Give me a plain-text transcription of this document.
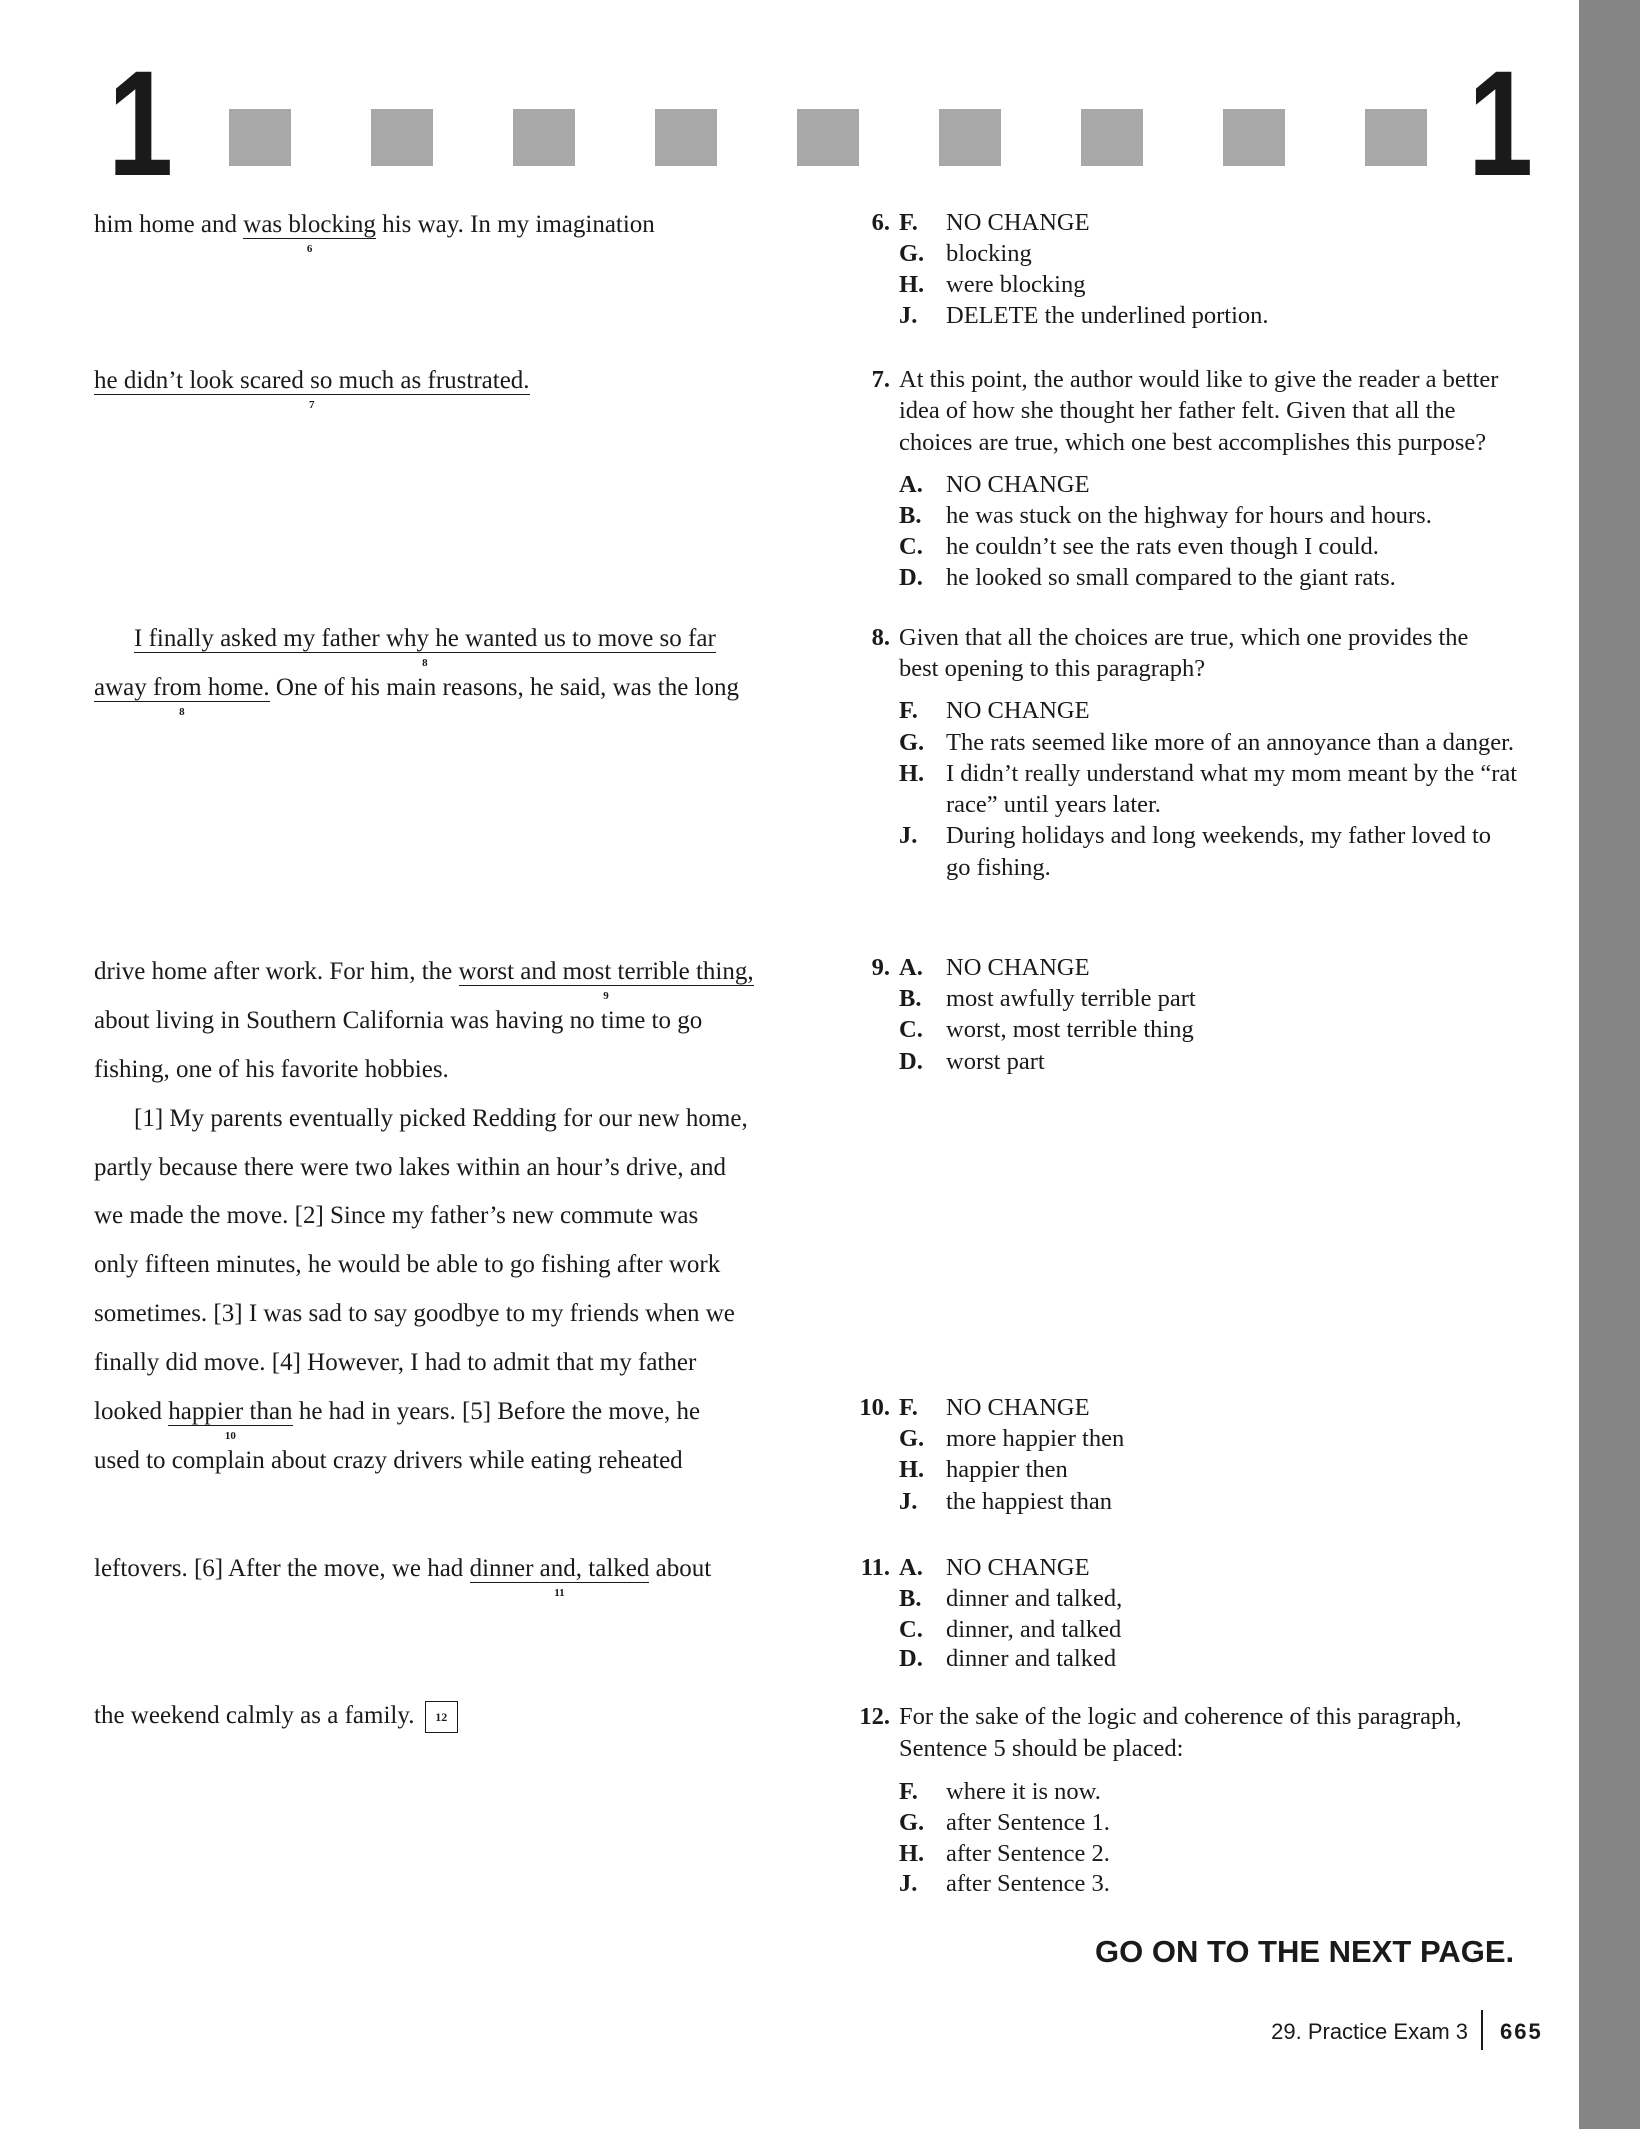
1	1
him home and was blocking
6
his way. In my imagination
he didn’t look scared so much as frustrated.
7
I finally asked my father why he wanted us to move so far
8
away from home.
8
One of his main reasons, he said, was the long
drive home after work. For him, the worst and most terrible thing,
9
about living in Southern California was having no time to go
fishing, one of his favorite hobbies.
[1] My parents eventually picked Redding for our new home,
partly because there were two lakes within an hour’s drive, and
we made the move. [2] Since my father’s new commute was
only fifteen minutes, he would be able to go fishing after work
sometimes. [3] I was sad to say goodbye to my friends when we
finally did move. [4] However, I had to admit that my father
looked happier than
10
he had in years. [5] Before the move, he
used to complain about crazy drivers while eating reheated
leftovers. [6] After the move, we had dinner and, talked
11
about
the weekend calmly as a family. 12
6. F. NO CHANGE
G. blocking
H. were blocking
J. DELETE the underlined portion.
7. At this point, the author would like to give the reader a better
idea of how she thought her father felt. Given that all the
choices are true, which one best accomplishes this purpose?
A. NO CHANGE
B. he was stuck on the highway for hours and hours.
C. he couldn’t see the rats even though I could.
D. he looked so small compared to the giant rats.
8. Given that all the choices are true, which one provides the
best opening to this paragraph?
F. NO CHANGE
G. The rats seemed like more of an annoyance than a danger.
H. I didn’t really understand what my mom meant by the “rat
race” until years later.
J. During holidays and long weekends, my father loved to
go fishing.
9. A. NO CHANGE
B. most awfully terrible part
C. worst, most terrible thing
D. worst part
10. F. NO CHANGE
G. more happier then
H. happier then
J. the happiest than
11. A. NO CHANGE
B. dinner and talked,
C. dinner, and talked
D. dinner and talked
12. For the sake of the logic and coherence of this paragraph,
Sentence 5 should be placed:
F. where it is now.
G. after Sentence 1.
H. after Sentence 2.
J. after Sentence 3.
GO ON TO THE NEXT PAGE.
29. Practice Exam 3 665
